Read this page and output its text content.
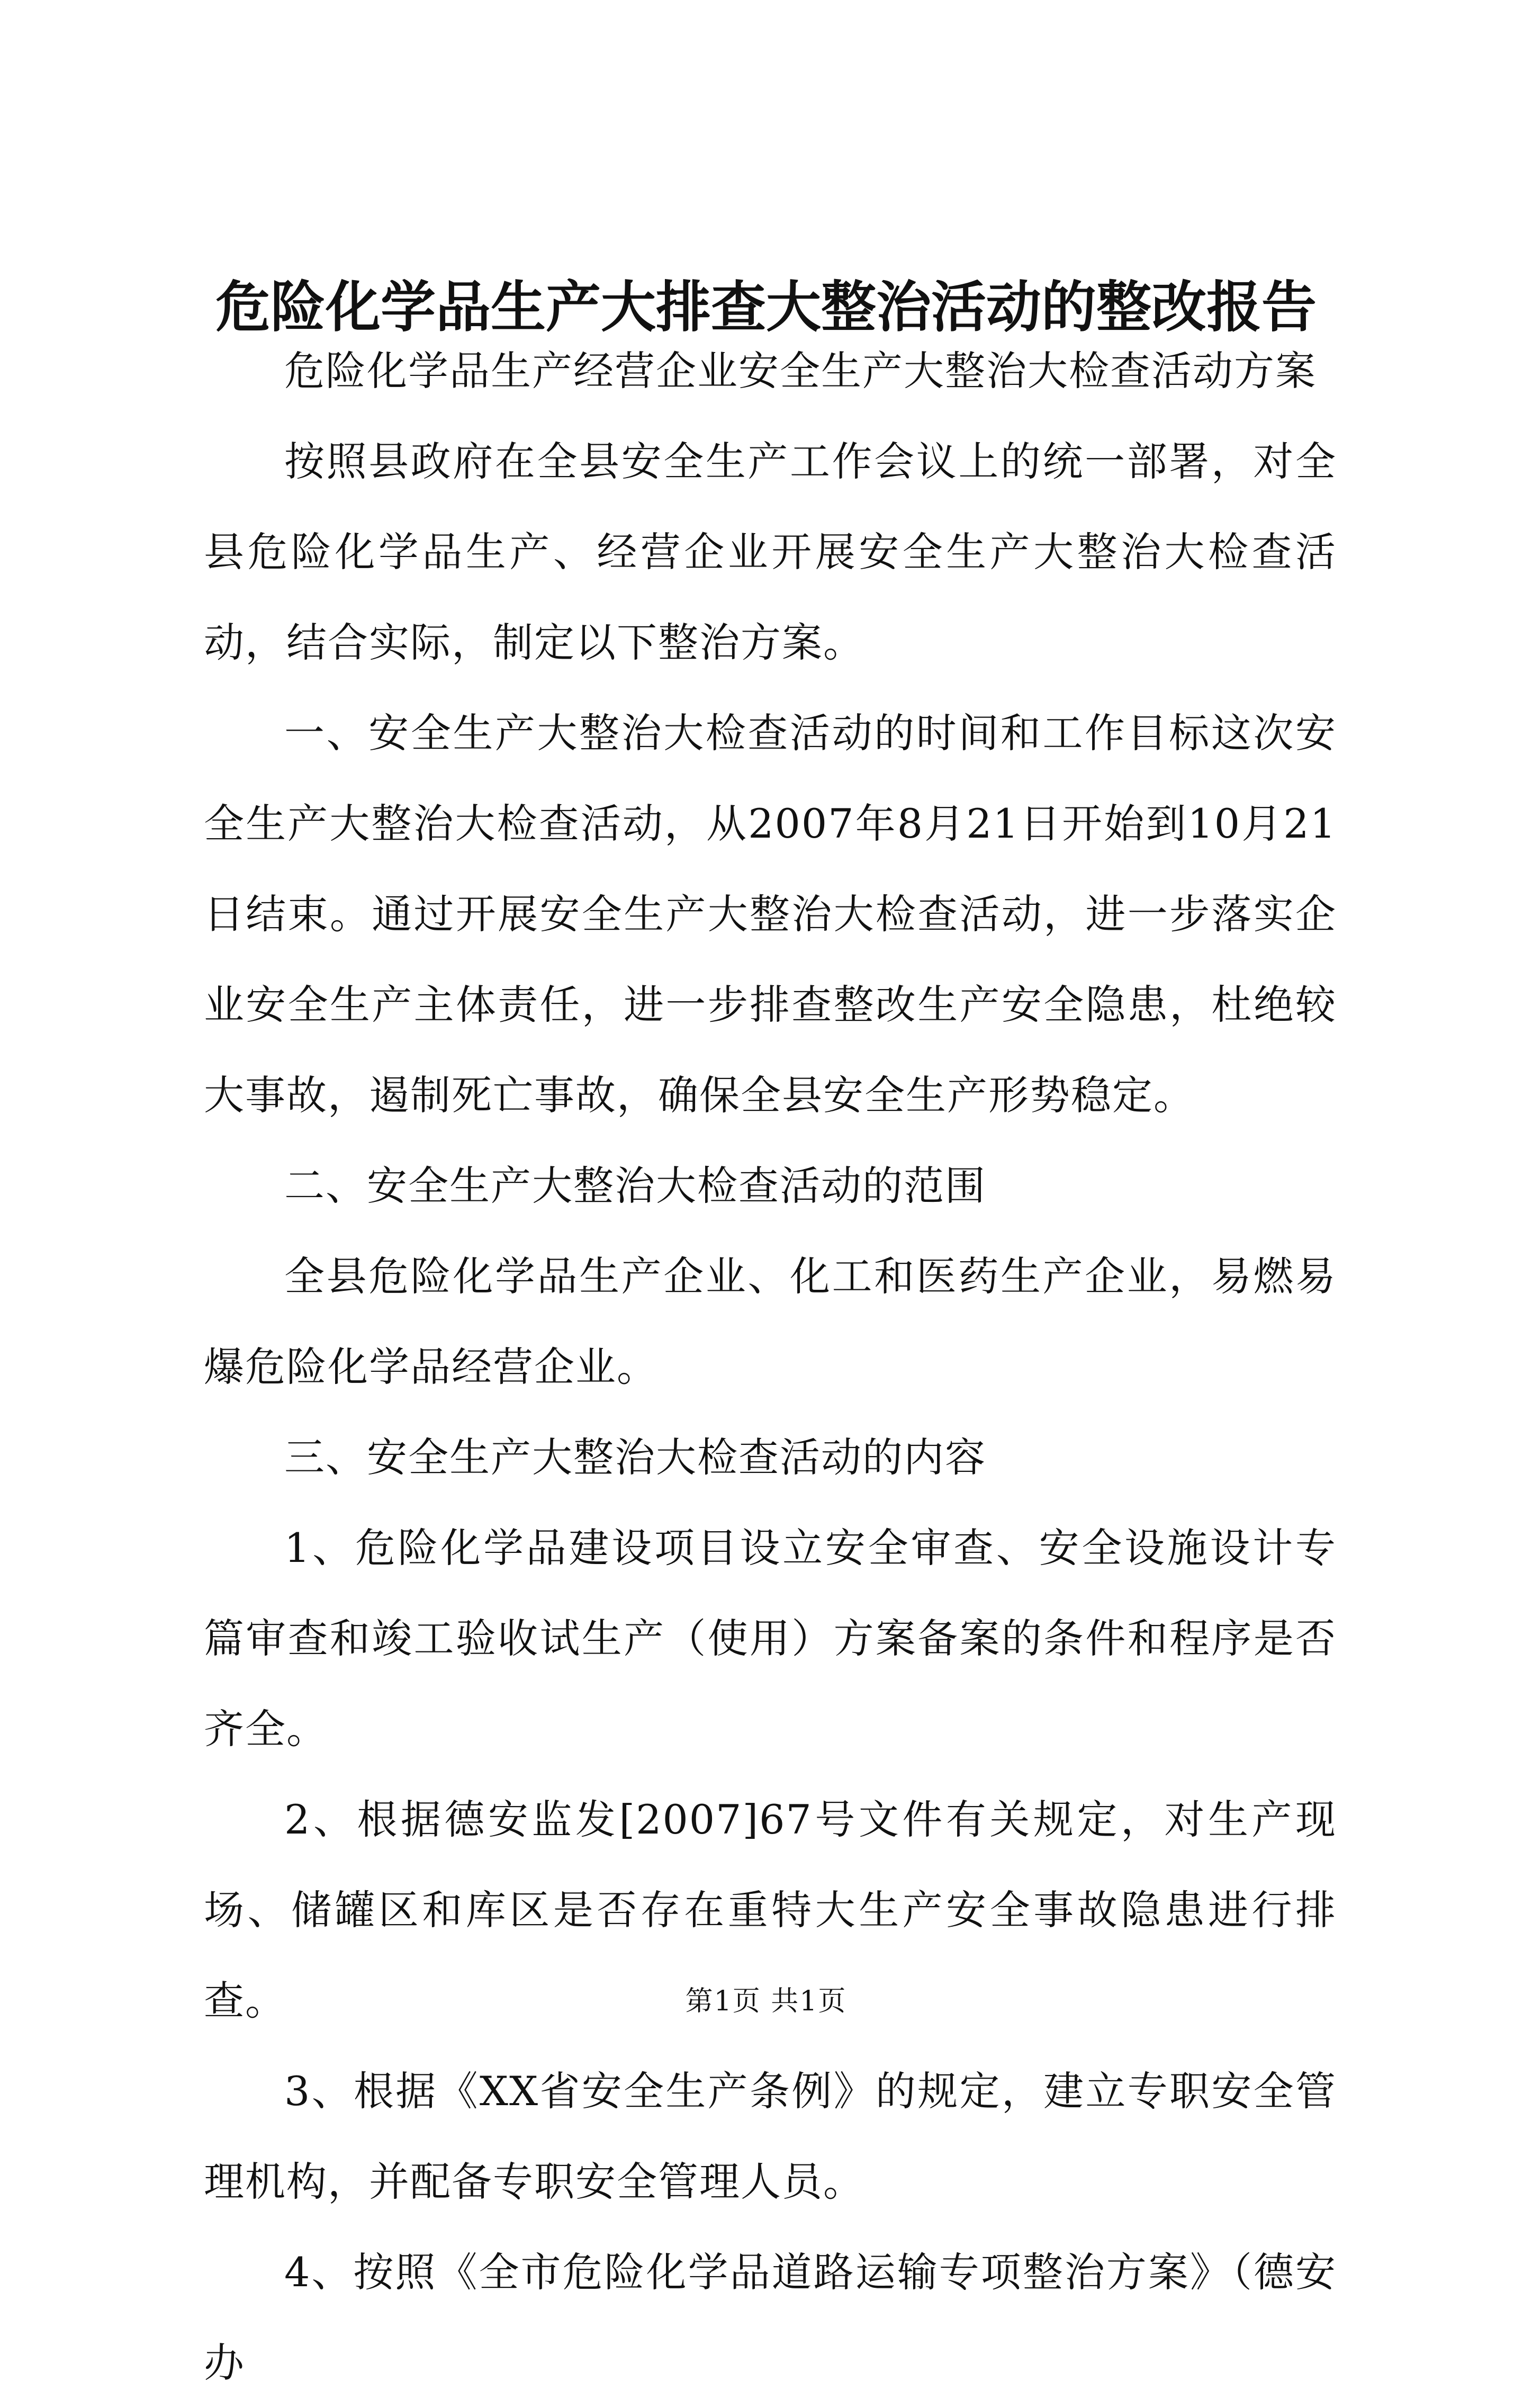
危险化学品生产大排查大整治活动的整改报告

危险化学品生产经营企业安全生产大整治大检查活动方案

按照县政府在全县安全生产工作会议上的统一部署，对全县危险化学品生产、经营企业开展安全生产大整治大检查活动，结合实际，制定以下整治方案。

一、安全生产大整治大检查活动的时间和工作目标这次安全生产大整治大检查活动，从2007年8月21日开始到10月21日结束。通过开展安全生产大整治大检查活动，进一步落实企业安全生产主体责任，进一步排查整改生产安全隐患，杜绝较大事故，遏制死亡事故，确保全县安全生产形势稳定。

二、安全生产大整治大检查活动的范围

全县危险化学品生产企业、化工和医药生产企业，易燃易爆危险化学品经营企业。

三、安全生产大整治大检查活动的内容

1、危险化学品建设项目设立安全审查、安全设施设计专篇审查和竣工验收试生产（使用）方案备案的条件和程序是否齐全。

2、根据德安监发[2007]67号文件有关规定，对生产现场、储罐区和库区是否存在重特大生产安全事故隐患进行排查。

3、根据《XX省安全生产条例》的规定，建立专职安全管理机构，并配备专职安全管理人员。

4、按照《全市危险化学品道路运输专项整治方案》（德安办

第1页 共1页
